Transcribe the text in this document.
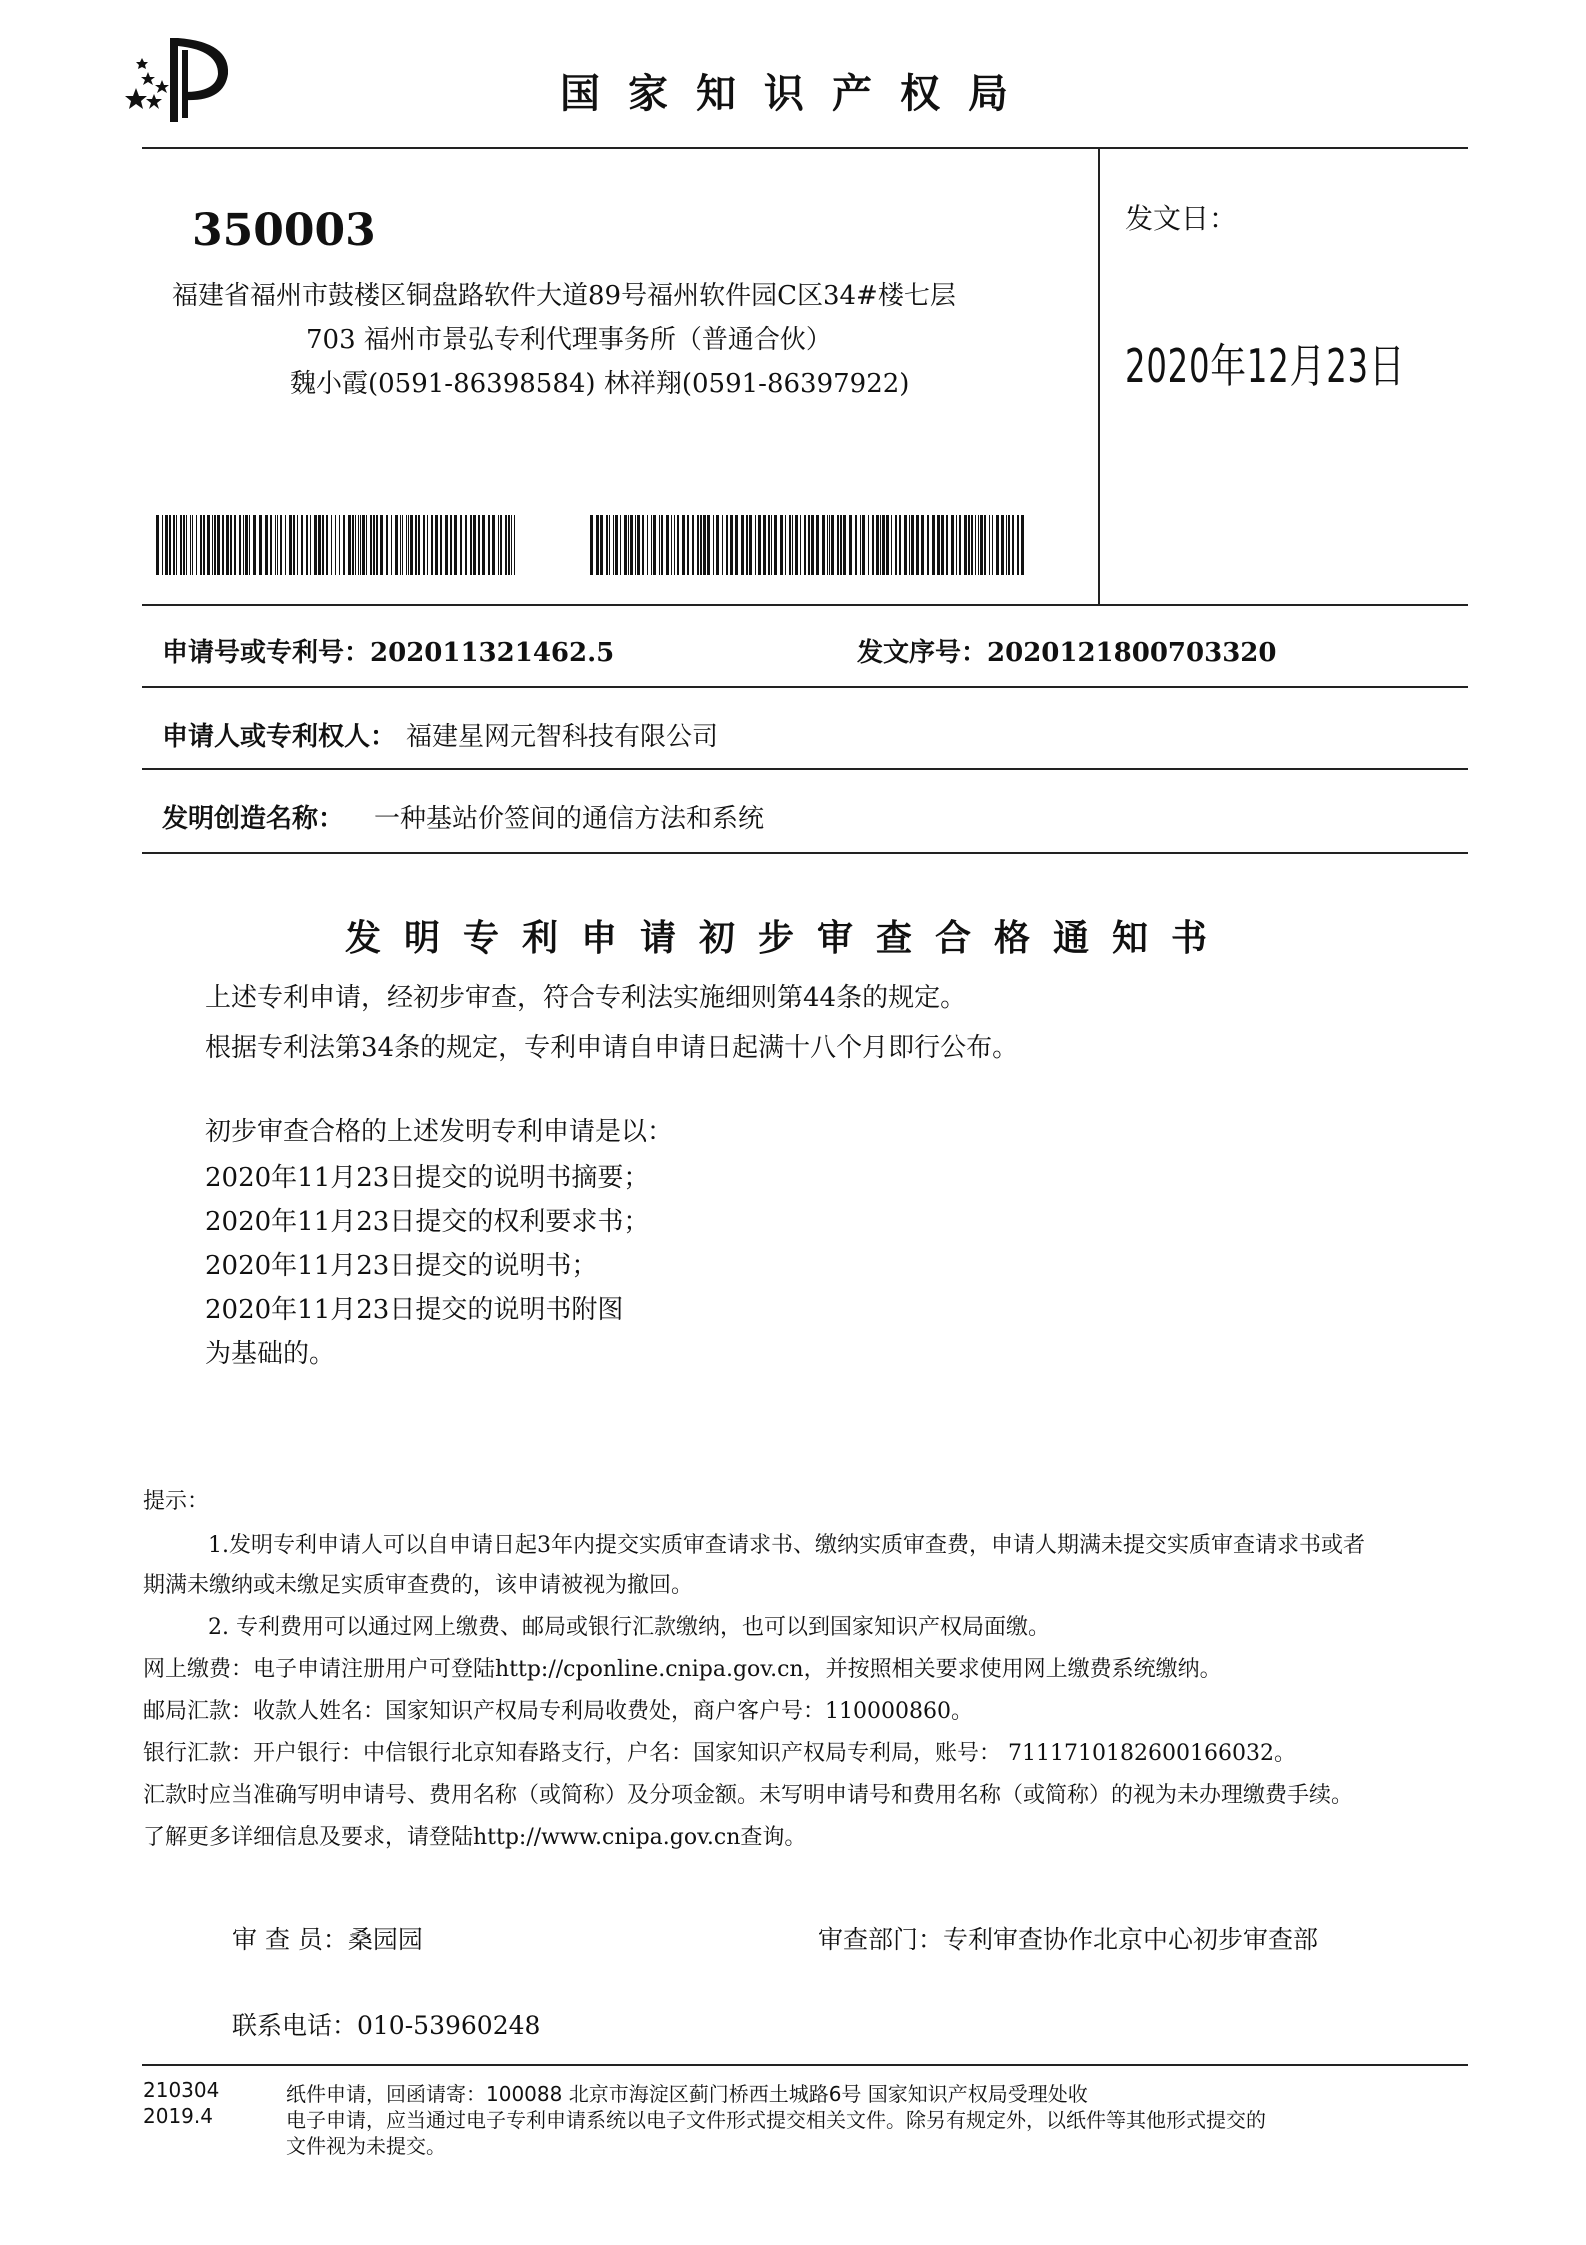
国家知识产权局
350003
福建省福州市鼓楼区铜盘路软件大道89号福州软件园C区34#楼七层
703 福州市景弘专利代理事务所（普通合伙）
魏小霞(0591-86398584) 林祥翔(0591-86397922)
发文日：
2020年12月23日
申请号或专利号：202011321462.5	发文序号：2020121800703320
申请人或专利权人： 福建星网元智科技有限公司
发明创造名称： 一种基站价签间的通信方法和系统
发明专利申请初步审查合格通知书
上述专利申请，经初步审查，符合专利法实施细则第44条的规定。
根据专利法第34条的规定，专利申请自申请日起满十八个月即行公布。
初步审查合格的上述发明专利申请是以：
2020年11月23日提交的说明书摘要；
2020年11月23日提交的权利要求书；
2020年11月23日提交的说明书；
2020年11月23日提交的说明书附图
为基础的。
提示：
1.发明专利申请人可以自申请日起3年内提交实质审查请求书、缴纳实质审查费，申请人期满未提交实质审查请求书或者
期满未缴纳或未缴足实质审查费的，该申请被视为撤回。
2. 专利费用可以通过网上缴费、邮局或银行汇款缴纳，也可以到国家知识产权局面缴。
网上缴费：电子申请注册用户可登陆http://cponline.cnipa.gov.cn，并按照相关要求使用网上缴费系统缴纳。
邮局汇款：收款人姓名：国家知识产权局专利局收费处，商户客户号：110000860。
银行汇款：开户银行：中信银行北京知春路支行，户名：国家知识产权局专利局，账号： 7111710182600166032。
汇款时应当准确写明申请号、费用名称（或简称）及分项金额。未写明申请号和费用名称（或简称）的视为未办理缴费手续。
了解更多详细信息及要求，请登陆http://www.cnipa.gov.cn查询。
审 查 员：桑园园	审查部门：专利审查协作北京中心初步审查部
联系电话：010-53960248
210304
2019.4
纸件申请，回函请寄：100088 北京市海淀区蓟门桥西土城路6号 国家知识产权局受理处收
电子申请，应当通过电子专利申请系统以电子文件形式提交相关文件。除另有规定外，以纸件等其他形式提交的
文件视为未提交。
